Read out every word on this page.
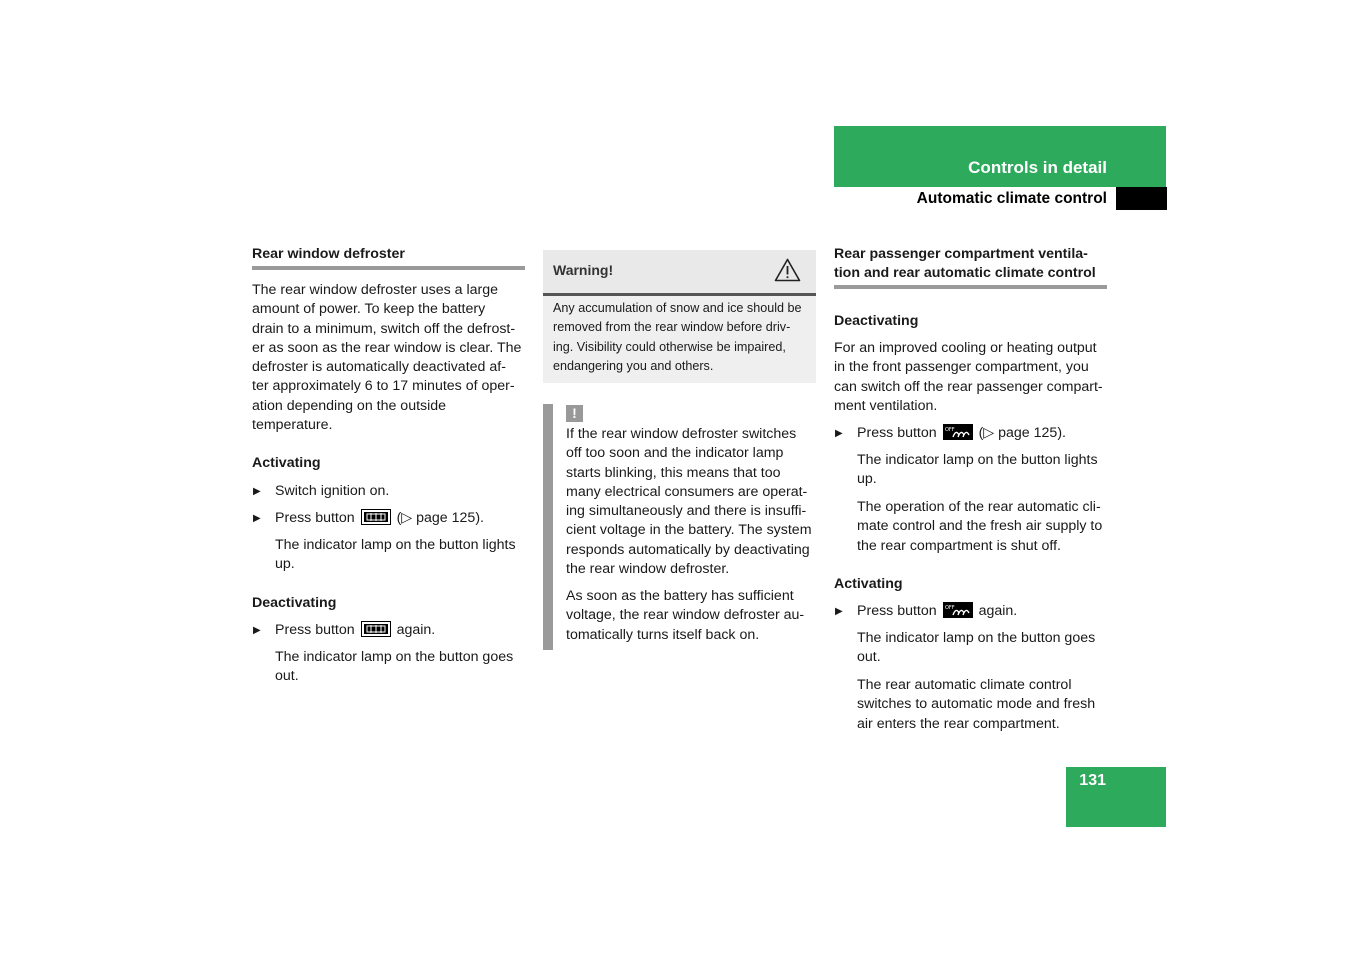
Controls in detail
Automatic climate control
Rear window defroster
The rear window defroster uses a large
amount of power. To keep the battery
drain to a minimum, switch off the defrost-
er as soon as the rear window is clear. The
defroster is automatically deactivated af-
ter approximately 6 to 17 minutes of oper-
ation depending on the outside
temperature.
Activating
▶ Switch ignition on.
▶ Press button	(▷ page 125).
The indicator lamp on the button lights
up.
Deactivating
▶ Press button	again.
The indicator lamp on the button goes
out.
Warning!
Any accumulation of snow and ice should be
removed from the rear window before driv-
ing. Visibility could otherwise be impaired,
endangering you and others.
!
If the rear window defroster switches
off too soon and the indicator lamp
starts blinking, this means that too
many electrical consumers are operat-
ing simultaneously and there is insuffi-
cient voltage in the battery. The system
responds automatically by deactivating
the rear window defroster.
As soon as the battery has sufficient
voltage, the rear window defroster au-
tomatically turns itself back on.
Rear passenger compartment ventila-
tion and rear automatic climate control
Deactivating
For an improved cooling or heating output
in the front passenger compartment, you
can switch off the rear passenger compart-
ment ventilation.
▶ Press button OFF (▷ page 125).
The indicator lamp on the button lights
up.
The operation of the rear automatic cli-
mate control and the fresh air supply to
the rear compartment is shut off.
Activating
▶ Press button OFF again.
The indicator lamp on the button goes
out.
The rear automatic climate control
switches to automatic mode and fresh
air enters the rear compartment.
131
